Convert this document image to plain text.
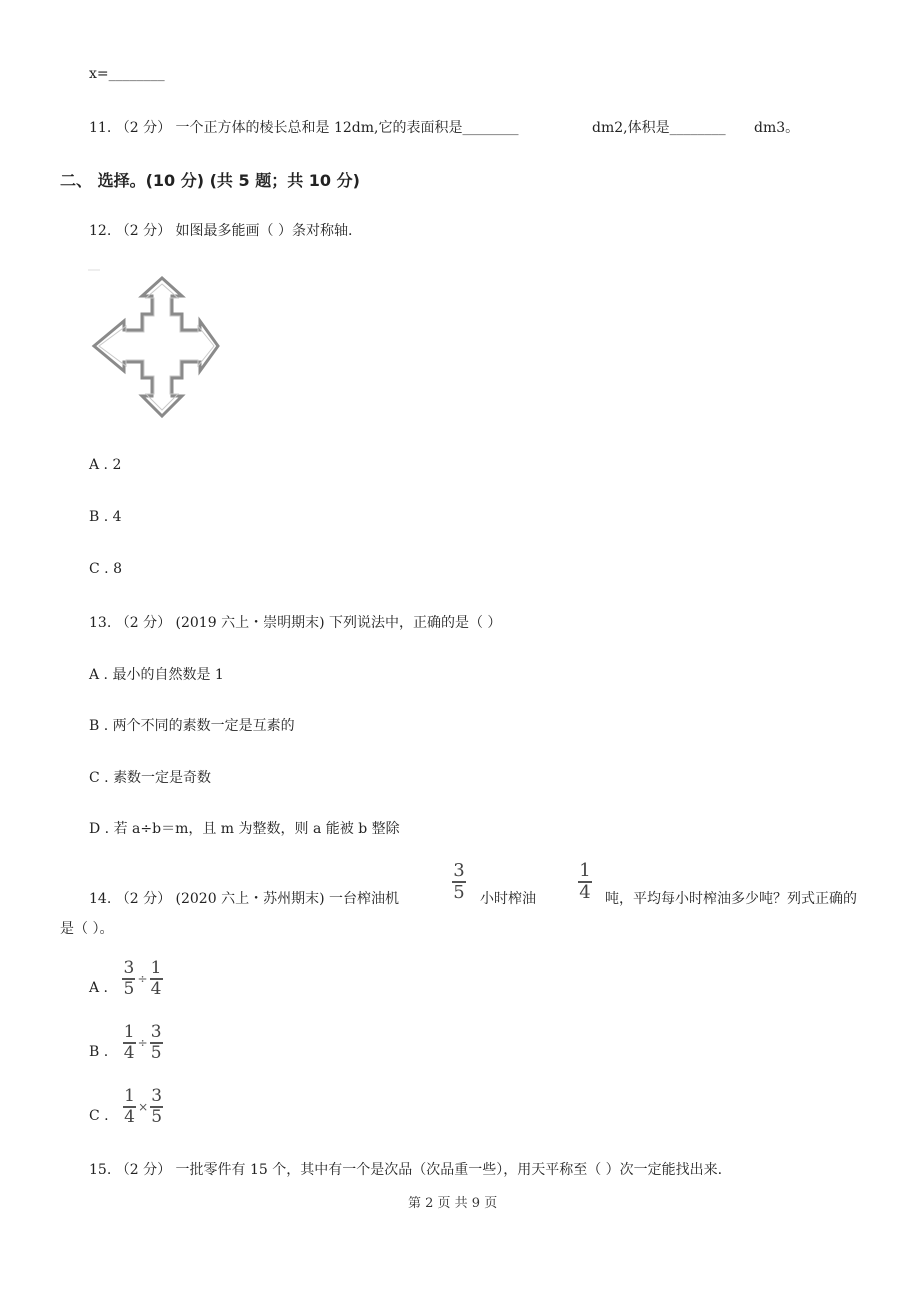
x=________
11. （2 分） 一个正方体的棱长总和是 12dm,它的表面积是________	dm2,体积是________ dm3。
二、 选择。(10 分) (共 5 题；共 10 分)
12. （2 分） 如图最多能画（ ）条对称轴.
A . 2
B . 4
C . 8
13. （2 分） (2019 六上・崇明期末) 下列说法中，正确的是（ ）
A . 最小的自然数是 1
B . 两个不同的素数一定是互素的
C . 素数一定是奇数
D . 若 a÷b＝m，且 m 为整数，则 a 能被 b 整除
14. （2 分） (2020 六上・苏州期末) 一台榨油机
3
5 小时榨油
1
4 吨，平均每小时榨油多少吨？列式正确的
是（ ）。
A . $\frac{3}{5} \div \frac{1}{4}$
B . $\frac{1}{4} \div \frac{3}{5}$
C . $\frac{1}{4} \times \frac{3}{5}$
15. （2 分） 一批零件有 15 个，其中有一个是次品（次品重一些），用天平称至（ ）次一定能找出来.
第 2 页 共 9 页
